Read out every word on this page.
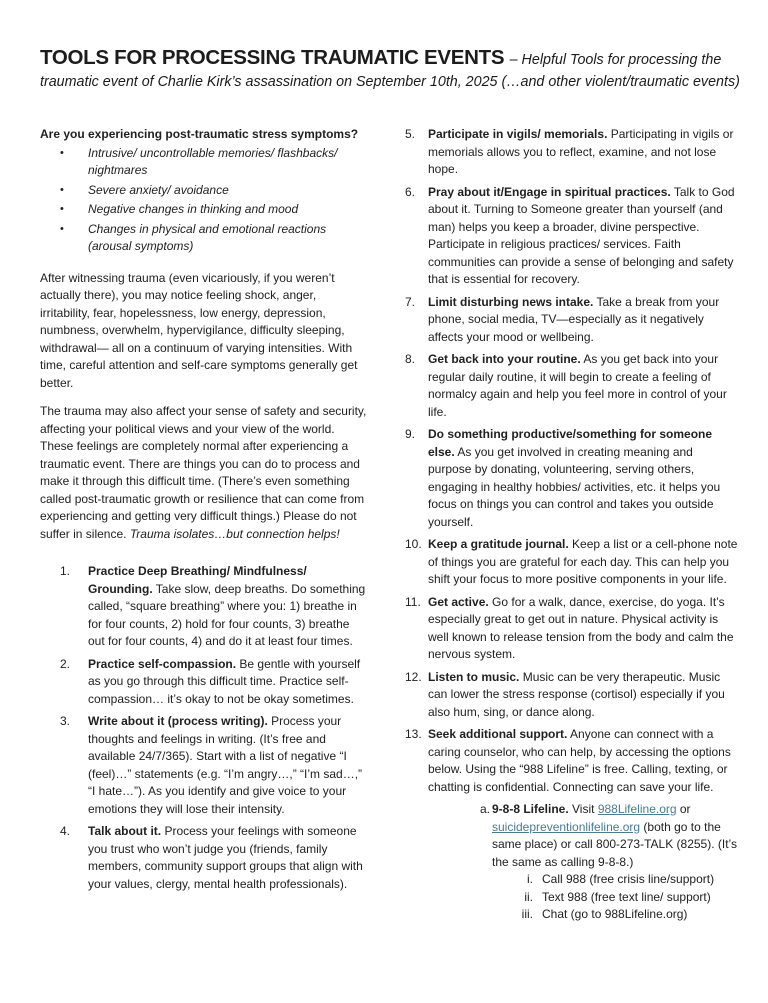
TOOLS FOR PROCESSING TRAUMATIC EVENTS – Helpful Tools for processing the traumatic event of Charlie Kirk’s assassination on September 10th, 2025 (…and other violent/traumatic events)

Are you experiencing post-traumatic stress symptoms?

•	Intrusive/ uncontrollable memories/ flashbacks/ nightmares
•	Severe anxiety/ avoidance
•	Negative changes in thinking and mood
•	Changes in physical and emotional reactions (arousal symptoms)

After witnessing trauma (even vicariously, if you weren’t actually there), you may notice feeling shock, anger, irritability, fear, hopelessness, low energy, depression, numbness, overwhelm, hypervigilance, difficulty sleeping, withdrawal— all on a continuum of varying intensities. With time, careful attention and self-care symptoms generally get better.

The trauma may also affect your sense of safety and security, affecting your political views and your view of the world. These feelings are completely normal after experiencing a traumatic event. There are things you can do to process and make it through this difficult time. (There’s even something called post-traumatic growth or resilience that can come from experiencing and getting very difficult things.) Please do not suffer in silence. Trauma isolates…but connection helps!

1.	Practice Deep Breathing/ Mindfulness/ Grounding. Take slow, deep breaths. Do something called, “square breathing” where you: 1) breathe in for four counts, 2) hold for four counts, 3) breathe out for four counts, 4) and do it at least four times.

2.	Practice self-compassion. Be gentle with yourself as you go through this difficult time. Practice self-compassion… it’s okay to not be okay sometimes.

3.	Write about it (process writing). Process your thoughts and feelings in writing. (It’s free and available 24/7/365). Start with a list of negative “I (feel)…” statements (e.g. “I’m angry…,” “I’m sad…,” “I hate…”). As you identify and give voice to your emotions they will lose their intensity.

4.	Talk about it. Process your feelings with someone you trust who won’t judge you (friends, family members, community support groups that align with your values, clergy, mental health professionals).

5.	Participate in vigils/ memorials. Participating in vigils or memorials allows you to reflect, examine, and not lose hope.

6.	Pray about it/Engage in spiritual practices. Talk to God about it. Turning to Someone greater than yourself (and man) helps you keep a broader, divine perspective. Participate in religious practices/ services. Faith communities can provide a sense of belonging and safety that is essential for recovery.

7.	Limit disturbing news intake. Take a break from your phone, social media, TV—especially as it negatively affects your mood or wellbeing.

8.	Get back into your routine. As you get back into your regular daily routine, it will begin to create a feeling of normalcy again and help you feel more in control of your life.

9.	Do something productive/something for someone else. As you get involved in creating meaning and purpose by donating, volunteering, serving others, engaging in healthy hobbies/ activities, etc. it helps you focus on things you can control and takes you outside yourself.

10. Keep a gratitude journal. Keep a list or a cell-phone note of things you are grateful for each day. This can help you shift your focus to more positive components in your life.

11. Get active. Go for a walk, dance, exercise, do yoga. It’s especially great to get out in nature. Physical activity is well known to release tension from the body and calm the nervous system.

12. Listen to music. Music can be very therapeutic. Music can lower the stress response (cortisol) especially if you also hum, sing, or dance along.

13. Seek additional support. Anyone can connect with a caring counselor, who can help, by accessing the options below. Using the “988 Lifeline” is free. Calling, texting, or chatting is confidential. Connecting can save your life.

a. 9-8-8 Lifeline. Visit 988Lifeline.org or suicidepreventionlifeline.org (both go to the same place) or call 800-273-TALK (8255). (It’s the same as calling 9-8-8.)
i. Call 988 (free crisis line/support)
ii. Text 988 (free text line/ support)
iii. Chat (go to 988Lifeline.org)
